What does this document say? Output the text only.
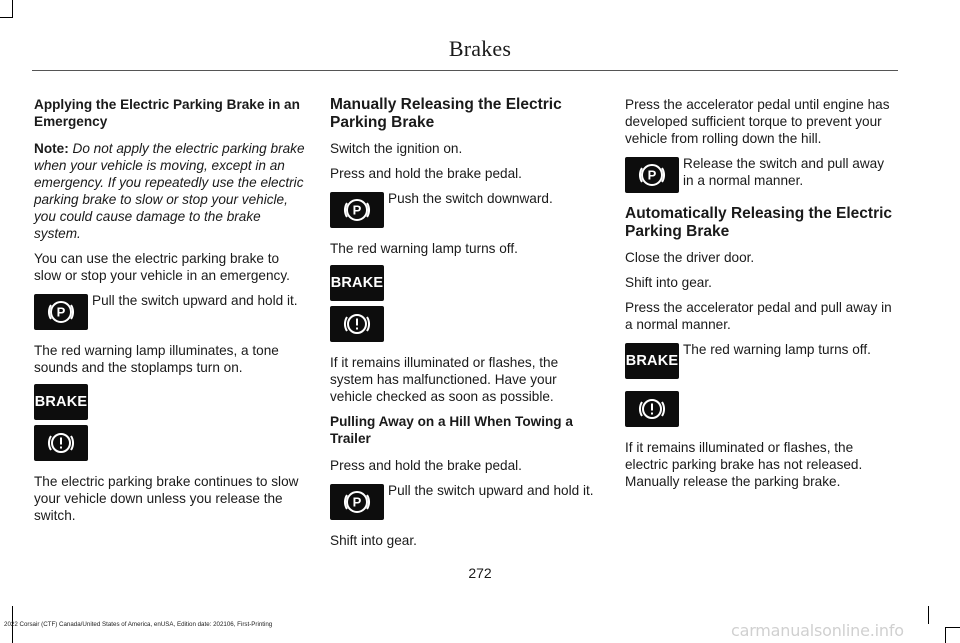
Brakes

Applying the Electric Parking Brake in an Emergency

Note: Do not apply the electric parking brake when your vehicle is moving, except in an emergency. If you repeatedly use the electric parking brake to slow or stop your vehicle, you could cause damage to the brake system.

You can use the electric parking brake to slow or stop your vehicle in an emergency.

P
Pull the switch upward and hold it.

The red warning lamp illuminates, a tone sounds and the stoplamps turn on.

BRAKE

The electric parking brake continues to slow your vehicle down unless you release the switch.

Manually Releasing the Electric Parking Brake

Switch the ignition on.

Press and hold the brake pedal.

P
Push the switch downward.

The red warning lamp turns off.

BRAKE

If it remains illuminated or flashes, the system has malfunctioned. Have your vehicle checked as soon as possible.

Pulling Away on a Hill When Towing a Trailer

Press and hold the brake pedal.

P
Pull the switch upward and hold it.

Shift into gear.

Press the accelerator pedal until engine has developed sufficient torque to prevent your vehicle from rolling down the hill.

P
Release the switch and pull away in a normal manner.

Automatically Releasing the Electric Parking Brake

Close the driver door.

Shift into gear.

Press the accelerator pedal and pull away in a normal manner.

BRAKE
The red warning lamp turns off.

If it remains illuminated or flashes, the electric parking brake has not released. Manually release the parking brake.

272
2022 Corsair (CTF) Canada/United States of America, enUSA, Edition date: 202106, First-Printing	carmanualsonline.info
